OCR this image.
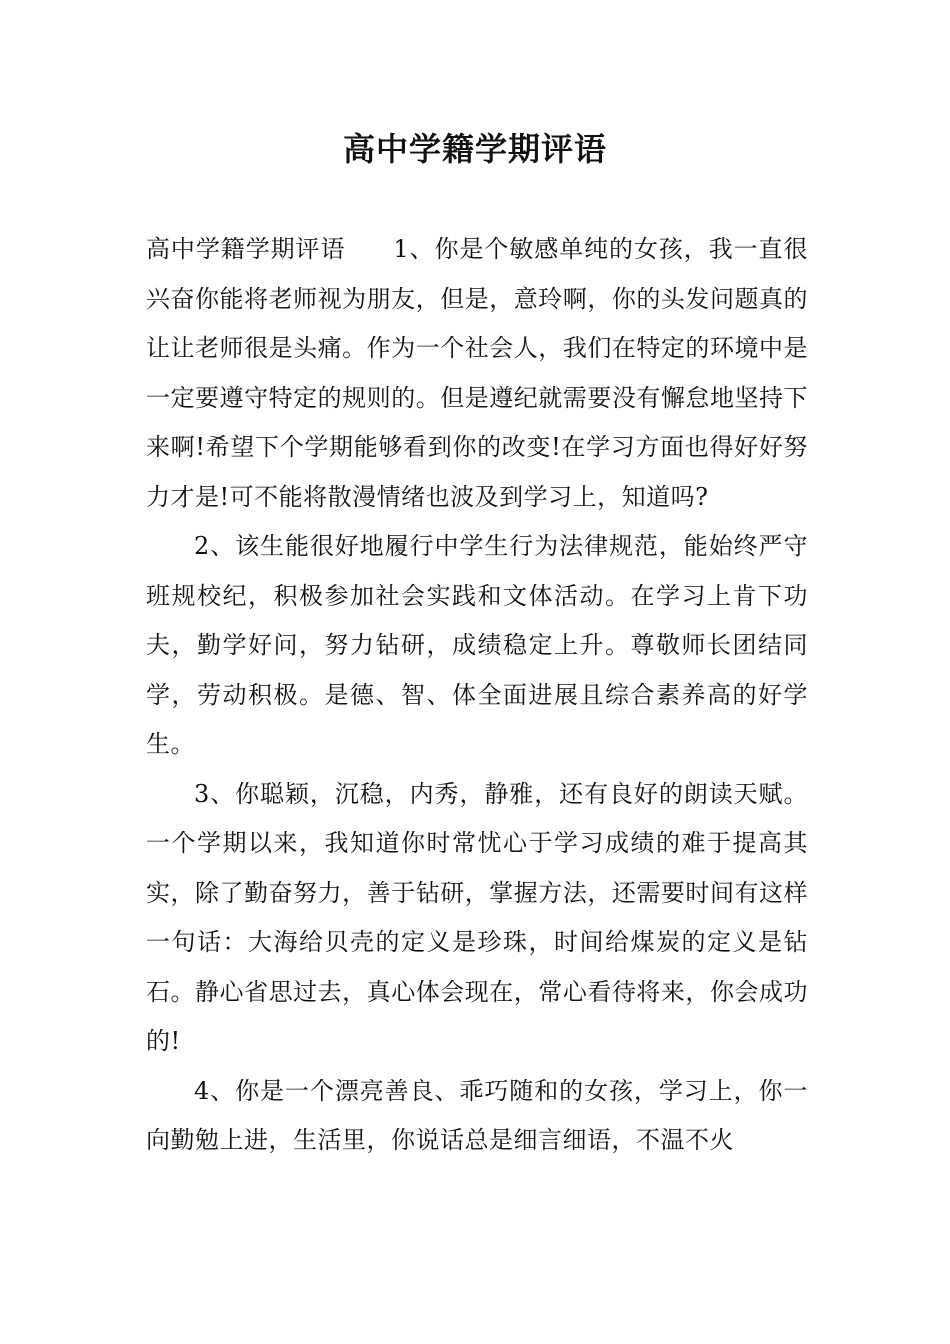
高中学籍学期评语

高中学籍学期评语 1、你是个敏感单纯的女孩，我一直很兴奋你能将老师视为朋友，但是，意玲啊，你的头发问题真的让让老师很是头痛。作为一个社会人，我们在特定的环境中是一定要遵守特定的规则的。但是遵纪就需要没有懈怠地坚持下来啊!希望下个学期能够看到你的改变!在学习方面也得好好努力才是!可不能将散漫情绪也波及到学习上，知道吗?

2、该生能很好地履行中学生行为法律规范，能始终严守班规校纪，积极参加社会实践和文体活动。在学习上肯下功夫，勤学好问，努力钻研，成绩稳定上升。尊敬师长团结同学，劳动积极。是德、智、体全面进展且综合素养高的好学生。

3、你聪颖，沉稳，内秀，静雅，还有良好的朗读天赋。一个学期以来，我知道你时常忧心于学习成绩的难于提高其实，除了勤奋努力，善于钻研，掌握方法，还需要时间有这样一句话：大海给贝壳的定义是珍珠，时间给煤炭的定义是钻石。静心省思过去，真心体会现在，常心看待将来，你会成功的!

4、你是一个漂亮善良、乖巧随和的女孩，学习上，你一向勤勉上进，生活里，你说话总是细言细语，不温不火
